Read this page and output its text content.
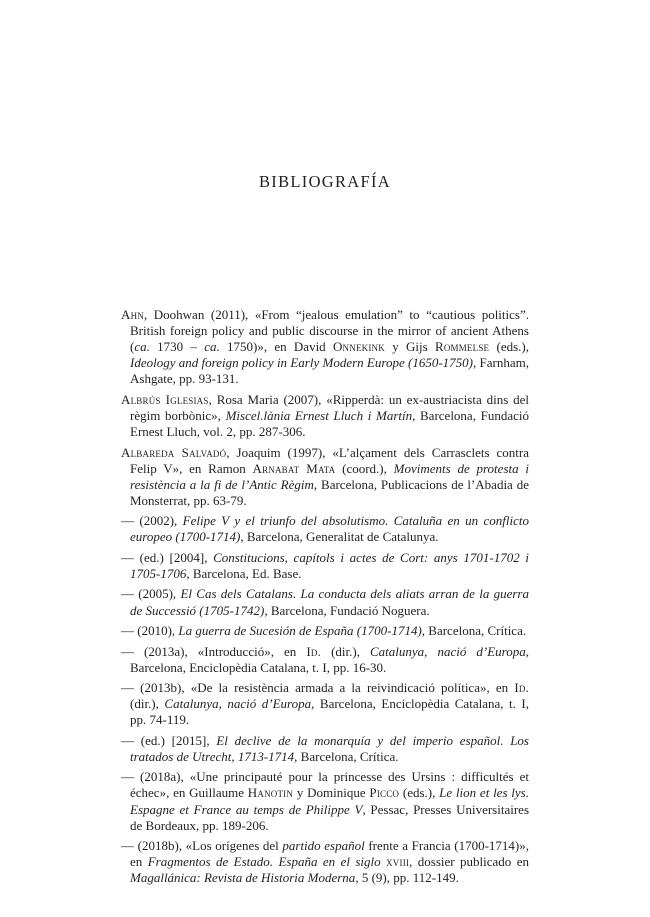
BIBLIOGRAFÍA

Ahn, Doohwan (2011), «From “jealous emulation” to “cautious politics”. British foreign policy and public discourse in the mirror of ancient Athens (ca. 1730 – ca. 1750)», en David Onnekink y Gijs Rommelse (eds.), Ideology and foreign policy in Early Modern Europe (1650-1750), Farnham, Ashgate, pp. 93-131.

Albrús Iglesias, Rosa Maria (2007), «Ripperdà: un ex-austriacista dins del règim borbònic», Miscel.lània Ernest Lluch i Martín, Barcelona, Fundació Ernest Lluch, vol. 2, pp. 287-306.

Albareda Salvadó, Joaquim (1997), «L’alçament dels Carrasclets contra Felip V», en Ramon Arnabat Mata (coord.), Moviments de protesta i resistència a la fi de l’Antic Règim, Barcelona, Publicacions de l’Abadia de Monsterrat, pp. 63-79.

— (2002), Felipe V y el triunfo del absolutismo. Cataluña en un conflicto europeo (1700-1714), Barcelona, Generalitat de Catalunya.

— (ed.) [2004], Constitucions, capítols i actes de Cort: anys 1701-1702 i 1705-1706, Barcelona, Ed. Base.

— (2005), El Cas dels Catalans. La conducta dels aliats arran de la guerra de Successió (1705-1742), Barcelona, Fundació Noguera.

— (2010), La guerra de Sucesión de España (1700-1714), Barcelona, Crítica.

— (2013a), «Introducció», en Id. (dir.), Catalunya, nació d’Europa, Barcelona, Enciclopèdia Catalana, t. I, pp. 16-30.

— (2013b), «De la resistència armada a la reivindicació política», en Id. (dir.), Catalunya, nació d’Europa, Barcelona, Enciclopèdia Catalana, t. I, pp. 74-119.

— (ed.) [2015], El declive de la monarquía y del imperio español. Los tratados de Utrecht, 1713-1714, Barcelona, Crítica.

— (2018a), «Une principauté pour la princesse des Ursins : difficultés et échec», en Guillaume Hanotin y Dominique Picco (eds.), Le lion et les lys. Espagne et France au temps de Philippe V, Pessac, Presses Universitaires de Bordeaux, pp. 189-206.

— (2018b), «Los orígenes del partido español frente a Francia (1700-1714)», en Fragmentos de Estado. España en el siglo xviii, dossier publicado en Magallánica: Revista de Historia Moderna, 5 (9), pp. 112-149.
